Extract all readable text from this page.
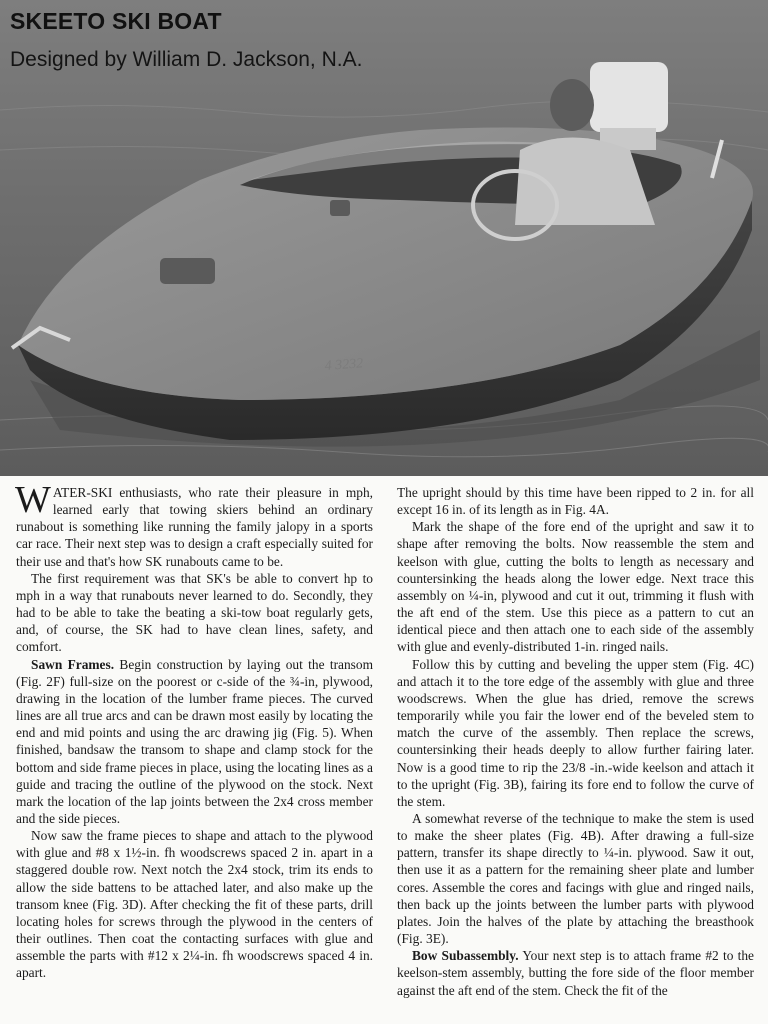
4 3232
SKEETO SKI BOAT
Designed by William D. Jackson, N.A.

WATER-SKI enthusiasts, who rate their pleasure in mph, learned early that towing skiers behind an ordinary runabout is something like running the family jalopy in a sports car race. Their next step was to design a craft especially suited for their use and that's how SK runabouts came to be.

The first requirement was that SK's be able to convert hp to mph in a way that runabouts never learned to do. Secondly, they had to be able to take the beating a ski-tow boat regularly gets, and, of course, the SK had to have clean lines, safety, and comfort.

Sawn Frames. Begin construction by laying out the transom (Fig. 2F) full-size on the poorest or c-side of the ¾-in, plywood, drawing in the location of the lumber frame pieces. The curved lines are all true arcs and can be drawn most easily by locating the end and mid points and using the arc drawing jig (Fig. 5). When finished, bandsaw the transom to shape and clamp stock for the bottom and side frame pieces in place, using the locating lines as a guide and tracing the outline of the plywood on the stock. Next mark the location of the lap joints between the 2x4 cross member and the side pieces.

Now saw the frame pieces to shape and attach to the plywood with glue and #8 x 1½-in. fh woodscrews spaced 2 in. apart in a staggered double row. Next notch the 2x4 stock, trim its ends to allow the side battens to be attached later, and also make up the transom knee (Fig. 3D). After checking the fit of these parts, drill locating holes for screws through the plywood in the centers of their outlines. Then coat the contacting surfaces with glue and assemble the parts with #12 x 2¼-in. fh woodscrews spaced 4 in. apart.

The upright should by this time have been ripped to 2 in. for all except 16 in. of its length as in Fig. 4A.

Mark the shape of the fore end of the upright and saw it to shape after removing the bolts. Now reassemble the stem and keelson with glue, cutting the bolts to length as necessary and countersinking the heads along the lower edge. Next trace this assembly on ¼-in, plywood and cut it out, trimming it flush with the aft end of the stem. Use this piece as a pattern to cut an identical piece and then attach one to each side of the assembly with glue and evenly-distributed 1-in. ringed nails.

Follow this by cutting and beveling the upper stem (Fig. 4C) and attach it to the tore edge of the assembly with glue and three woodscrews. When the glue has dried, remove the screws temporarily while you fair the lower end of the beveled stem to match the curve of the assembly. Then replace the screws, countersinking their heads deeply to allow further fairing later. Now is a good time to rip the 23/8 -in.-wide keelson and attach it to the upright (Fig. 3B), fairing its fore end to follow the curve of the stem.

A somewhat reverse of the technique to make the stem is used to make the sheer plates (Fig. 4B). After drawing a full-size pattern, transfer its shape directly to ¼-in. plywood. Saw it out, then use it as a pattern for the remaining sheer plate and lumber cores. Assemble the cores and facings with glue and ringed nails, then back up the joints between the lumber parts with plywood plates. Join the halves of the plate by attaching the breasthook (Fig. 3E).

Bow Subassembly. Your next step is to attach frame #2 to the keelson-stem assembly, butting the fore side of the floor member against the aft end of the stem. Check the fit of the
